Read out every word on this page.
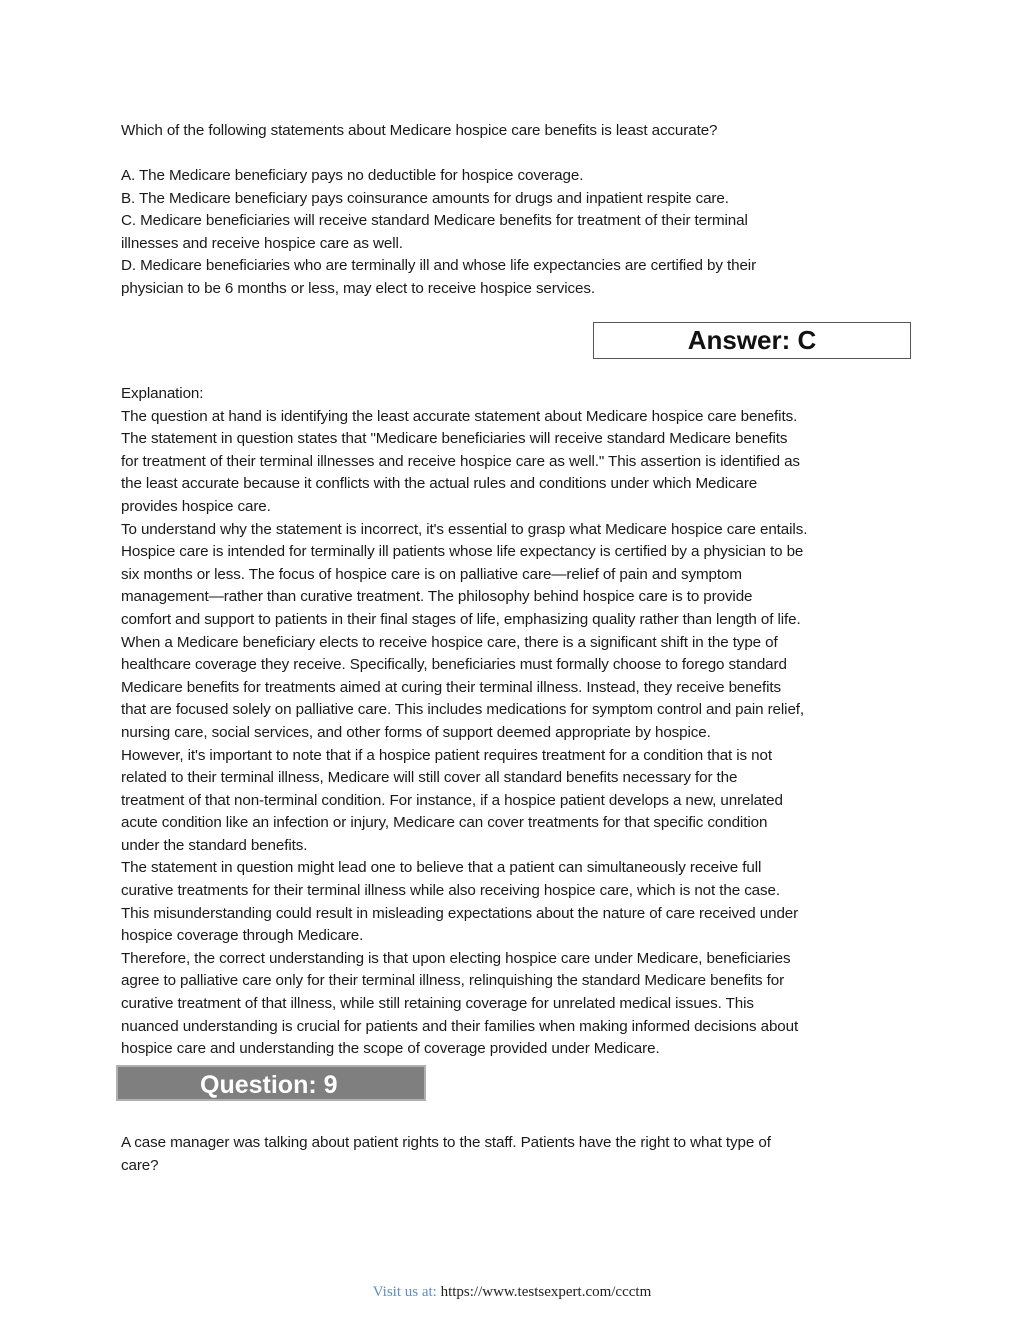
Which of the following statements about Medicare hospice care benefits is least accurate?
A. The Medicare beneficiary pays no deductible for hospice coverage.
B. The Medicare beneficiary pays coinsurance amounts for drugs and inpatient respite care.
C. Medicare beneficiaries will receive standard Medicare benefits for treatment of their terminal
illnesses and receive hospice care as well.
D. Medicare beneficiaries who are terminally ill and whose life expectancies are certified by their
physician to be 6 months or less, may elect to receive hospice services.
Answer: C
Explanation:
The question at hand is identifying the least accurate statement about Medicare hospice care benefits.
The statement in question states that "Medicare beneficiaries will receive standard Medicare benefits
for treatment of their terminal illnesses and receive hospice care as well." This assertion is identified as
the least accurate because it conflicts with the actual rules and conditions under which Medicare
provides hospice care.
To understand why the statement is incorrect, it's essential to grasp what Medicare hospice care entails.
Hospice care is intended for terminally ill patients whose life expectancy is certified by a physician to be
six months or less. The focus of hospice care is on palliative care—relief of pain and symptom
management—rather than curative treatment. The philosophy behind hospice care is to provide
comfort and support to patients in their final stages of life, emphasizing quality rather than length of life.
When a Medicare beneficiary elects to receive hospice care, there is a significant shift in the type of
healthcare coverage they receive. Specifically, beneficiaries must formally choose to forego standard
Medicare benefits for treatments aimed at curing their terminal illness. Instead, they receive benefits
that are focused solely on palliative care. This includes medications for symptom control and pain relief,
nursing care, social services, and other forms of support deemed appropriate by hospice.
However, it's important to note that if a hospice patient requires treatment for a condition that is not
related to their terminal illness, Medicare will still cover all standard benefits necessary for the
treatment of that non-terminal condition. For instance, if a hospice patient develops a new, unrelated
acute condition like an infection or injury, Medicare can cover treatments for that specific condition
under the standard benefits.
The statement in question might lead one to believe that a patient can simultaneously receive full
curative treatments for their terminal illness while also receiving hospice care, which is not the case.
This misunderstanding could result in misleading expectations about the nature of care received under
hospice coverage through Medicare.
Therefore, the correct understanding is that upon electing hospice care under Medicare, beneficiaries
agree to palliative care only for their terminal illness, relinquishing the standard Medicare benefits for
curative treatment of that illness, while still retaining coverage for unrelated medical issues. This
nuanced understanding is crucial for patients and their families when making informed decisions about
hospice care and understanding the scope of coverage provided under Medicare.
Question: 9
A case manager was talking about patient rights to the staff. Patients have the right to what type of
care?
Visit us at: https://www.testsexpert.com/ccctm
